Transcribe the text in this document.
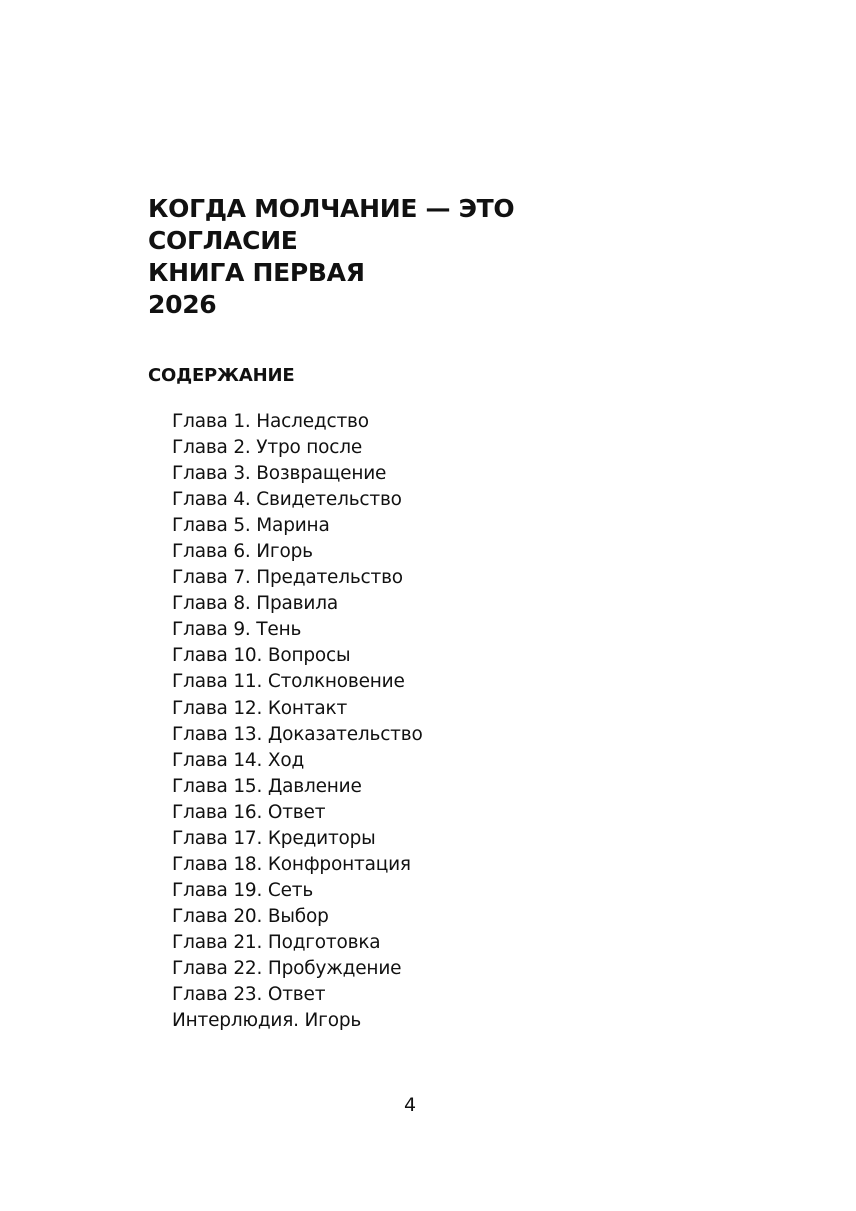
КОГДА МОЛЧАНИЕ — ЭТО
СОГЛАСИЕ
КНИГА ПЕРВАЯ
2026
СОДЕРЖАНИЕ
Глава 1. Наследство
Глава 2. Утро после
Глава 3. Возвращение
Глава 4. Свидетельство
Глава 5. Марина
Глава 6. Игорь
Глава 7. Предательство
Глава 8. Правила
Глава 9. Тень
Глава 10. Вопросы
Глава 11. Столкновение
Глава 12. Контакт
Глава 13. Доказательство
Глава 14. Ход
Глава 15. Давление
Глава 16. Ответ
Глава 17. Кредиторы
Глава 18. Конфронтация
Глава 19. Сеть
Глава 20. Выбор
Глава 21. Подготовка
Глава 22. Пробуждение
Глава 23. Ответ
Интерлюдия. Игорь
4
